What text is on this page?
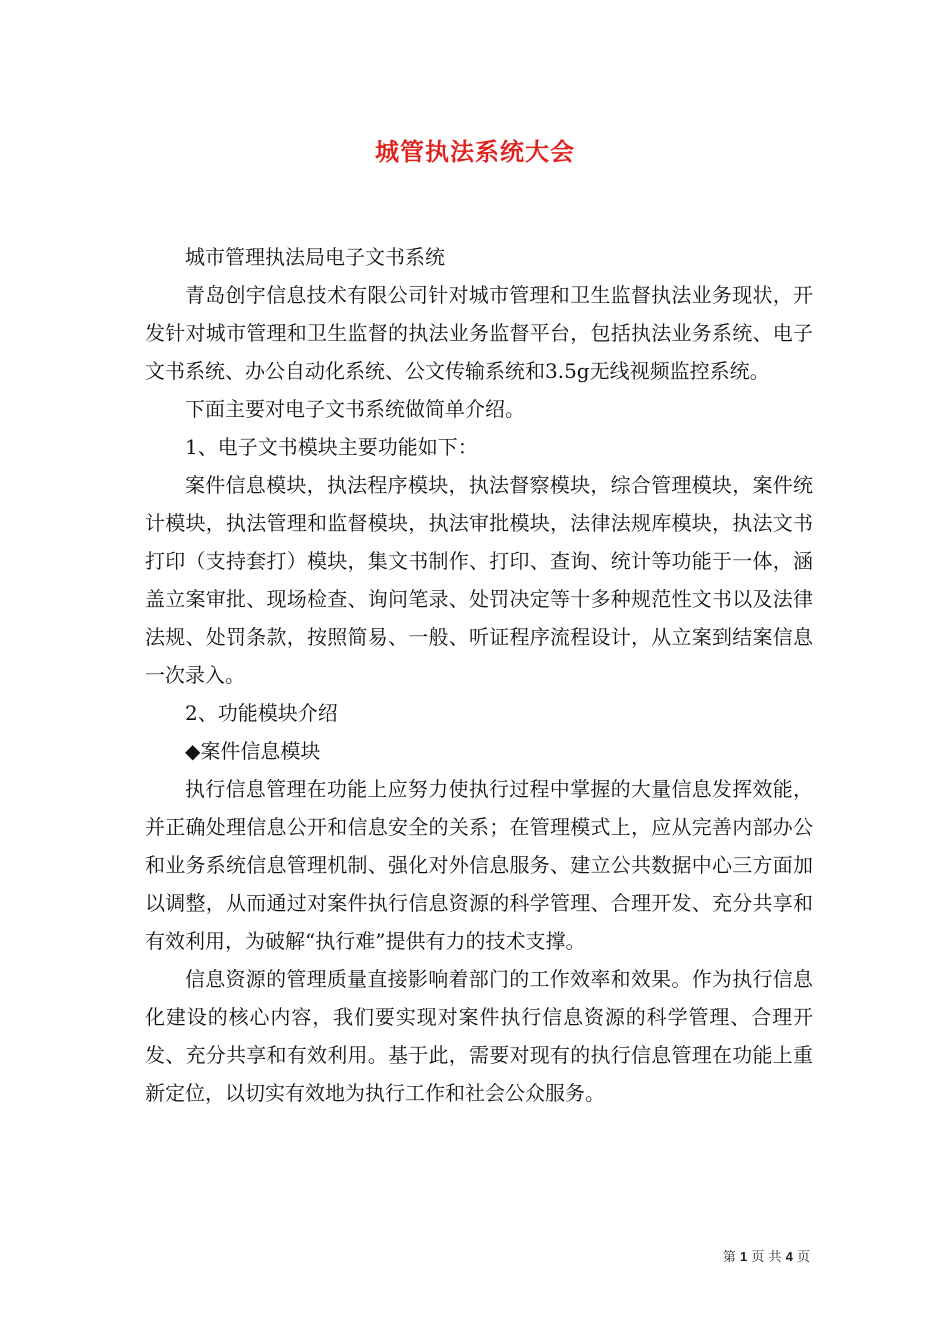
城管执法系统大会

城市管理执法局电子文书系统

青岛创宇信息技术有限公司针对城市管理和卫生监督执法业务现状，开发针对城市管理和卫生监督的执法业务监督平台，包括执法业务系统、电子文书系统、办公自动化系统、公文传输系统和3.5g无线视频监控系统。

下面主要对电子文书系统做简单介绍。

1、电子文书模块主要功能如下：

案件信息模块，执法程序模块，执法督察模块，综合管理模块，案件统计模块，执法管理和监督模块，执法审批模块，法律法规库模块，执法文书打印（支持套打）模块，集文书制作、打印、查询、统计等功能于一体，涵盖立案审批、现场检查、询问笔录、处罚决定等十多种规范性文书以及法律法规、处罚条款，按照简易、一般、听证程序流程设计，从立案到结案信息一次录入。

2、功能模块介绍

◆案件信息模块

执行信息管理在功能上应努力使执行过程中掌握的大量信息发挥效能，并正确处理信息公开和信息安全的关系；在管理模式上，应从完善内部办公和业务系统信息管理机制、强化对外信息服务、建立公共数据中心三方面加以调整，从而通过对案件执行信息资源的科学管理、合理开发、充分共享和有效利用，为破解“执行难”提供有力的技术支撑。

信息资源的管理质量直接影响着部门的工作效率和效果。作为执行信息化建设的核心内容，我们要实现对案件执行信息资源的科学管理、合理开发、充分共享和有效利用。基于此，需要对现有的执行信息管理在功能上重新定位，以切实有效地为执行工作和社会公众服务。

第 1 页 共 4 页
